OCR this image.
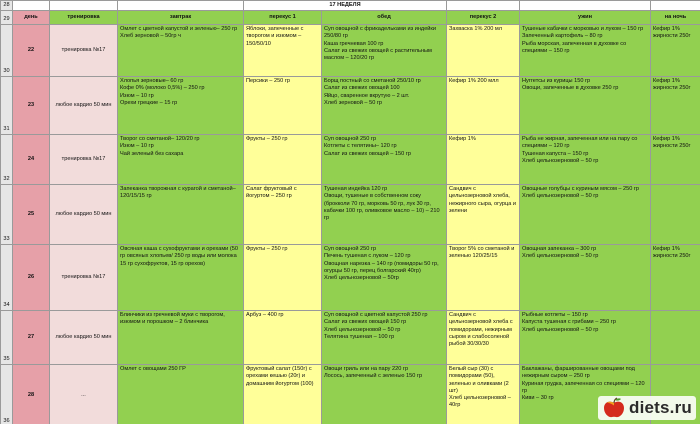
28				17 НЕДЕЛЯ				
29	день	тренировка	завтрак	перекус 1	обед	перекус 2	ужин	на ночь
30	22	тренировка №17	Омлет с цветной капустой и зеленью– 250 гр
Хлеб зерновой – 50гр ч	Яблоки, запеченные с творогом и изюмом – 150/50/10	Суп овощной с фрикадельками из индейки 250/80 гр
Каша гречневая 100 гр
Салат из свежих овощей с растительным маслом – 120/20 гр	Захваска 1% 200 мл	Тушеные кабачки с морковью и луком – 150 гр
Запеченный картофель – 80 гр
Рыба морская, запеченная в духовке со специями – 150 гр	Кефир 1% жирности 250г
31	23	любое кардио 50 мин	Хлопья зерновые– 60 гр
Кофе 0% (молоко 0,5%) – 250 гр
Изюм – 10 гр
Орехи грецкие – 15 гр	Персики – 250 гр	Борщ постный со сметаной 250/10 гр
Салат из свежих овощей 100
Яйцо, сваренное вкрутую – 2 шт.
Хлеб зерновой – 50 гр	Кефир 1% 200 млл	Нуггетсы из курицы 150 гр
Овощи, запеченные в духовке 250 гр	Кефир 1% жирности 250г
32	24	тренировка №17	Творог со сметаной– 120/20 гр
Изюм – 10 гр
Чай зеленый без сахара	Фрукты – 250 гр	Суп овощной 250 гр
Котлеты с телятины– 120 гр
Салат из свежих овощей – 150 гр	Кефир 1%	Рыба не жирная, запеченная или на пару со специями – 120 гр
Тушеная капуста – 150 гр
Хлеб цельнозерновой – 50 гр	Кефир 1% жирности 250г
33	25	любое кардио 50 мин	Запеканка творожная с курагой и сметаной– 120/15/15 гр	Салат фруктовый с йогуртом – 250 гр	Тушеная индейка 120 гр
Овощи, тушеные в собственном соку (брокколи 70 гр, морковь 50 гр, лук 30 гр, кабачки 100 гр, оливковое масло – 10) – 210 гр	Сандвич с цельнозерновой хлеба, нежирного сыра, огурца и зелени	Овощные голубцы с куриным мясом – 250 гр
Хлеб цельнозерновой – 50 гр	
34	26	тренировка №17	Овсяная каша с сухофруктами и орехами (50 гр овсяных хлопьев/ 250 гр воды или молока
15 гр сухофруктов, 15 гр орехов)	Фрукты – 250 гр	Суп овощной 250 гр
Печень тушеная с луком – 120 гр
Овощная нарезка – 140 гр (помидоры 50 гр, огурцы 50 гр, перец болгарский 40гр)
Хлеб цельнозерновой – 50гр	Творог 5% со сметаной и зеленью 120/25/15	Овощная запеканка – 300 гр
Хлеб цельнозерновой – 50 гр	Кефир 1% жирности 250г
35	27	любое кардио 50 мин	Блинчики из гречневой муки с творогом, изюмом и порошком – 2 блинчика	Арбуз – 400 гр	Суп овощной с цветной капустой 250 гр
Салат из свежих овощей 150 гр
Хлеб цельнозерновой – 50 гр
Телятина тушеная – 100 гр	Сандвич с цельнозерновой хлеба с помидорами, нежирным сыром и слабосоленой рыбой 30/30/30	Рыбные котлеты – 150 гр
Капуста тушеная с грибами – 250 гр
Хлеб цельнозерновой – 50 гр	
36	28	...	Омлет с овощами 250 ГР	Фруктовый салат (150г) с орехами кешью (20г) и домашним йогуртом (100)	Овощи гриль или на пару 220 гр
Лосось, запеченный с зеленью 150 гр	Белый сыр (30) с помидорами (50), зеленью и оливками (2 шт)
Хлеб цельнозерновой – 40гр	Баклажаны, фаршированные овощами под нежирным сыром – 250 гр
Куриная грудка, запеченная со специями – 120 гр
Киви – 30 гр		diets.ru
